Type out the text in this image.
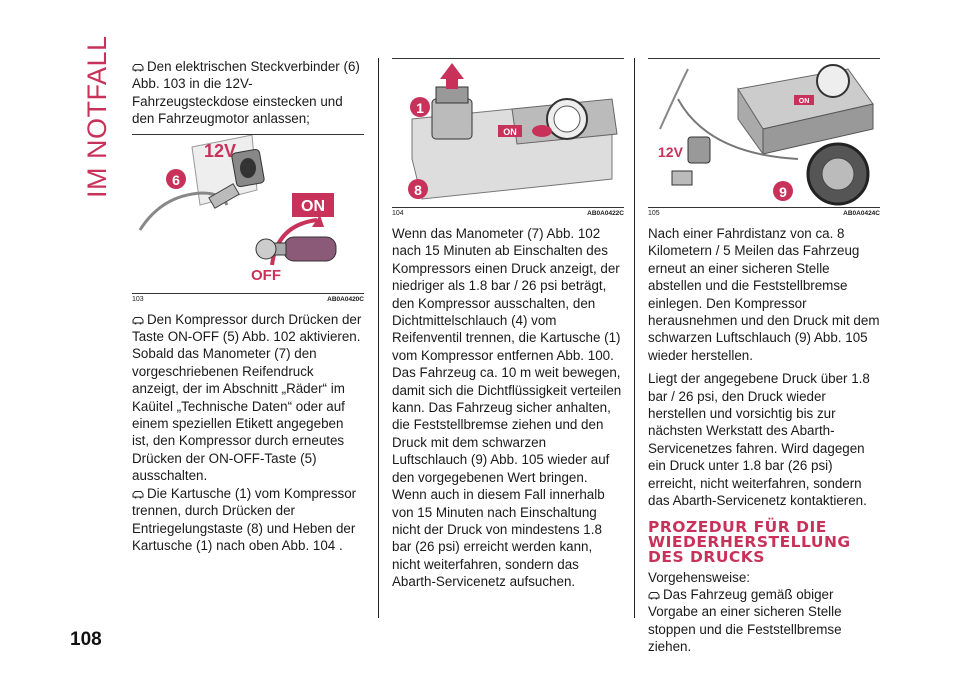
IM NOTFALL	Den elektrischen Steckverbinder (6) Abb. 103 in die 12V-Fahrzeugsteckdose einstecken und den Fahrzeugmotor anlassen;

6
12V
ON
OFF
103	AB0A0420C

Den Kompressor durch Drücken der Taste ON-OFF (5) Abb. 102 aktivieren. Sobald das Manometer (7) den vorgeschriebenen Reifendruck anzeigt, der im Abschnitt „Räder“ im Kaüitel „Technische Daten“ oder auf einem speziellen Etikett angegeben ist, den Kompressor durch erneutes Drücken der ON-OFF-Taste (5) ausschalten.

Die Kartusche (1) vom Kompressor trennen, durch Drücken der Entriegelungstaste (8) und Heben der Kartusche (1) nach oben Abb. 104 .

1
8
ON
104	AB0A0422C

Wenn das Manometer (7) Abb. 102 nach 15 Minuten ab Einschalten des Kompressors einen Druck anzeigt, der niedriger als 1.8 bar / 26 psi beträgt, den Kompressor ausschalten, den Dichtmittelschlauch (4) vom Reifenventil trennen, die Kartusche (1) vom Kompressor entfernen Abb. 100. Das Fahrzeug ca. 10 m weit bewegen, damit sich die Dichtflüssigkeit verteilen kann. Das Fahrzeug sicher anhalten, die Feststellbremse ziehen und den Druck mit dem schwarzen Luftschlauch (9) Abb. 105 wieder auf den vorgegebenen Wert bringen. Wenn auch in diesem Fall innerhalb von 15 Minuten nach Einschaltung nicht der Druck von mindestens 1.8 bar (26 psi) erreicht werden kann, nicht weiterfahren, sondern das Abarth-Servicenetz aufsuchen.

12V
9
ON
105	AB0A0424C

Nach einer Fahrdistanz von ca. 8 Kilometern / 5 Meilen das Fahrzeug erneut an einer sicheren Stelle abstellen und die Feststellbremse einlegen. Den Kompressor herausnehmen und den Druck mit dem schwarzen Luftschlauch (9) Abb. 105 wieder herstellen.

Liegt der angegebene Druck über 1.8 bar / 26 psi, den Druck wieder herstellen und vorsichtig bis zur nächsten Werkstatt des Abarth-Servicenetzes fahren. Wird dagegen ein Druck unter 1.8 bar (26 psi) erreicht, nicht weiterfahren, sondern das Abarth-Servicenetz kontaktieren.

PROZEDUR FÜR DIE WIEDERHERSTELLUNG DES DRUCKS

Vorgehensweise:

Das Fahrzeug gemäß obiger Vorgabe an einer sicheren Stelle stoppen und die Feststellbremse ziehen.

108
